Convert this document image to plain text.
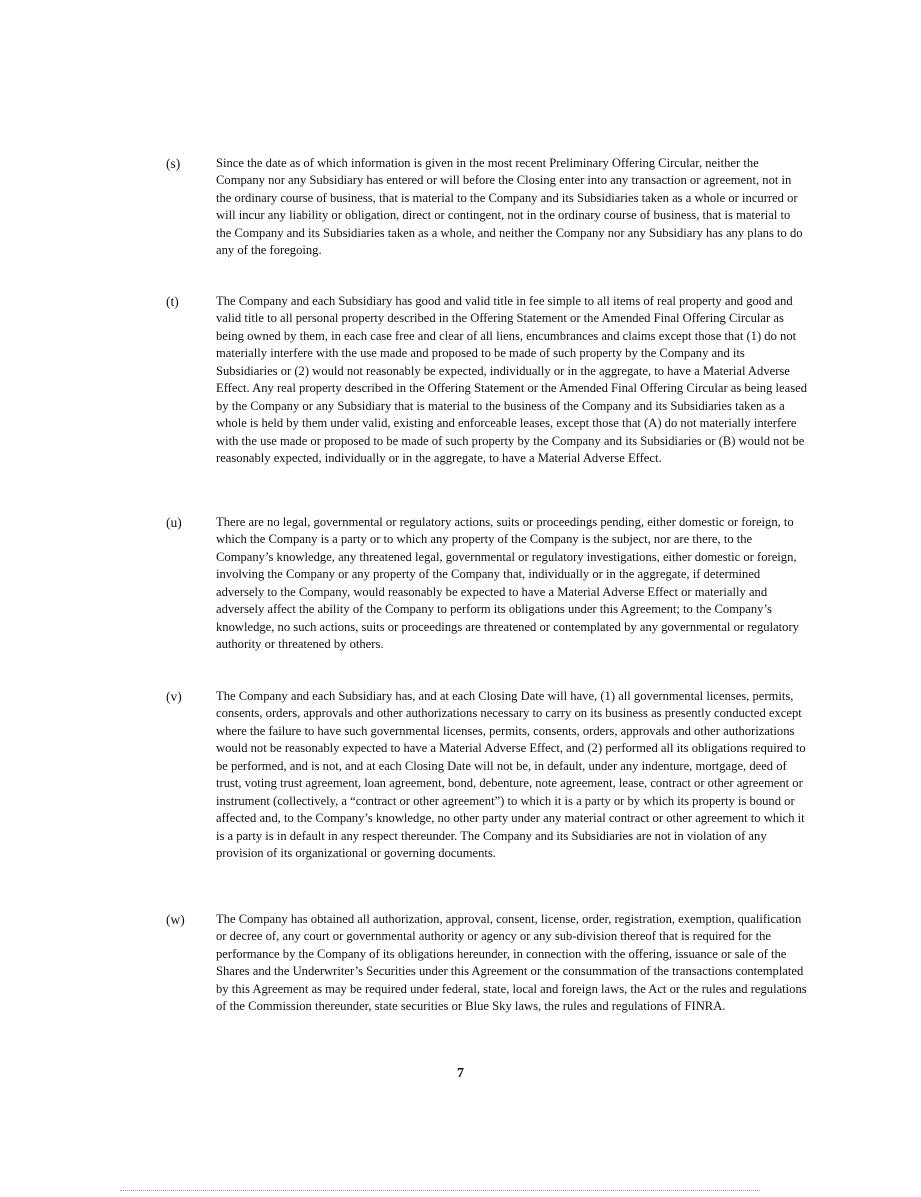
(s)	Since the date as of which information is given in the most recent Preliminary Offering Circular, neither the Company nor any Subsidiary has entered or will before the Closing enter into any transaction or agreement, not in the ordinary course of business, that is material to the Company and its Subsidiaries taken as a whole or incurred or will incur any liability or obligation, direct or contingent, not in the ordinary course of business, that is material to the Company and its Subsidiaries taken as a whole, and neither the Company nor any Subsidiary has any plans to do any of the foregoing.

(t)	The Company and each Subsidiary has good and valid title in fee simple to all items of real property and good and valid title to all personal property described in the Offering Statement or the Amended Final Offering Circular as being owned by them, in each case free and clear of all liens, encumbrances and claims except those that (1) do not materially interfere with the use made and proposed to be made of such property by the Company and its Subsidiaries or (2) would not reasonably be expected, individually or in the aggregate, to have a Material Adverse Effect. Any real property described in the Offering Statement or the Amended Final Offering Circular as being leased by the Company or any Subsidiary that is material to the business of the Company and its Subsidiaries taken as a whole is held by them under valid, existing and enforceable leases, except those that (A) do not materially interfere with the use made or proposed to be made of such property by the Company and its Subsidiaries or (B) would not be reasonably expected, individually or in the aggregate, to have a Material Adverse Effect.

(u)	There are no legal, governmental or regulatory actions, suits or proceedings pending, either domestic or foreign, to which the Company is a party or to which any property of the Company is the subject, nor are there, to the Company’s knowledge, any threatened legal, governmental or regulatory investigations, either domestic or foreign, involving the Company or any property of the Company that, individually or in the aggregate, if determined adversely to the Company, would reasonably be expected to have a Material Adverse Effect or materially and adversely affect the ability of the Company to perform its obligations under this Agreement; to the Company’s knowledge, no such actions, suits or proceedings are threatened or contemplated by any governmental or regulatory authority or threatened by others.

(v)	The Company and each Subsidiary has, and at each Closing Date will have, (1) all governmental licenses, permits, consents, orders, approvals and other authorizations necessary to carry on its business as presently conducted except where the failure to have such governmental licenses, permits, consents, orders, approvals and other authorizations would not be reasonably expected to have a Material Adverse Effect, and (2) performed all its obligations required to be performed, and is not, and at each Closing Date will not be, in default, under any indenture, mortgage, deed of trust, voting trust agreement, loan agreement, bond, debenture, note agreement, lease, contract or other agreement or instrument (collectively, a “contract or other agreement”) to which it is a party or by which its property is bound or affected and, to the Company’s knowledge, no other party under any material contract or other agreement to which it is a party is in default in any respect thereunder. The Company and its Subsidiaries are not in violation of any provision of its organizational or governing documents.

(w) The Company has obtained all authorization, approval, consent, license, order, registration, exemption, qualification or decree of, any court or governmental authority or agency or any sub-division thereof that is required for the performance by the Company of its obligations hereunder, in connection with the offering, issuance or sale of the Shares and the Underwriter’s Securities under this Agreement or the consummation of the transactions contemplated by this Agreement as may be required under federal, state, local and foreign laws, the Act or the rules and regulations of the Commission thereunder, state securities or Blue Sky laws, the rules and regulations of FINRA.

7
